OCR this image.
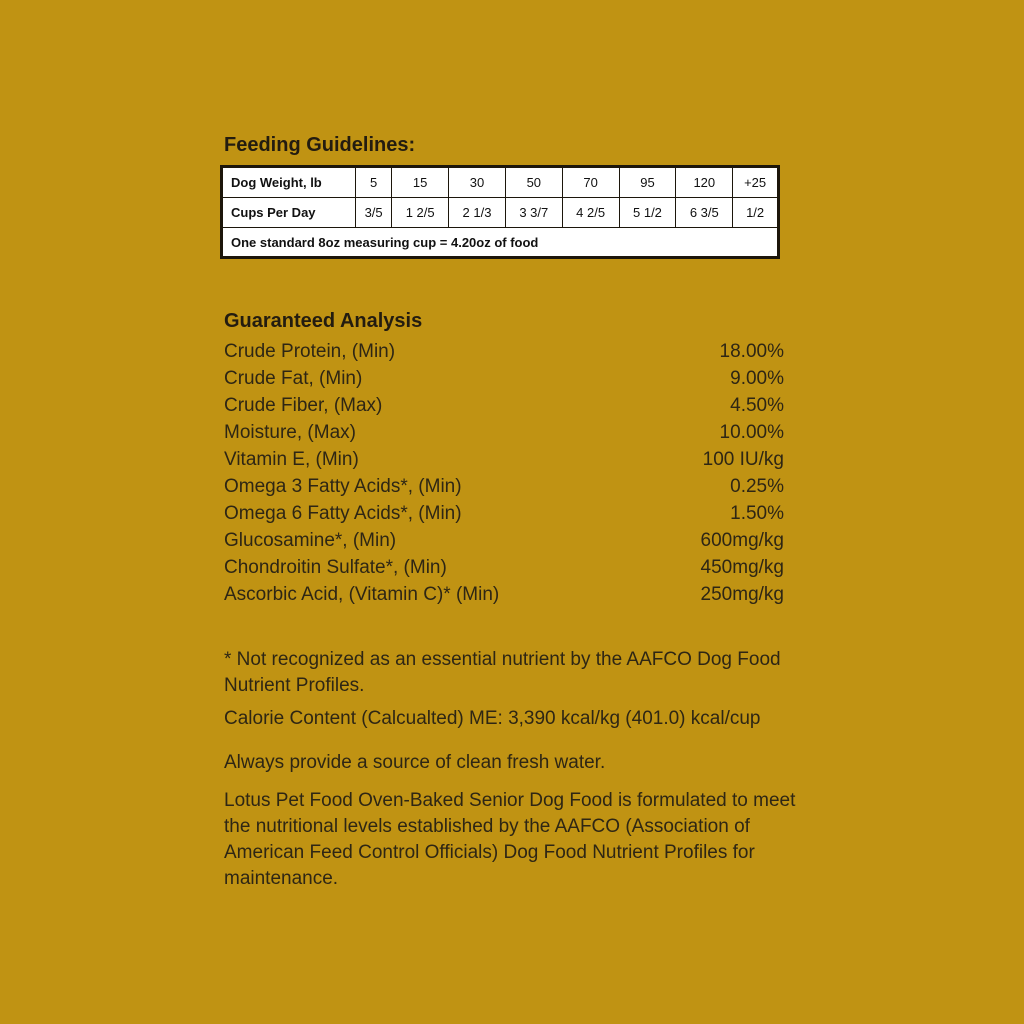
Feeding Guidelines:
Dog Weight, lb	5	15	30	50	70	95	120	+25
Cups Per Day	3/5	1 2/5	2 1/3	3 3/7	4 2/5	5 1/2	6 3/5	1/2
One standard 8oz measuring cup = 4.20oz of food								
Guaranteed Analysis
Crude Protein, (Min)	18.00%
Crude Fat, (Min)	9.00%
Crude Fiber, (Max)	4.50%
Moisture, (Max)	10.00%
Vitamin E, (Min)	100 IU/kg
Omega 3 Fatty Acids*, (Min)	0.25%
Omega 6 Fatty Acids*, (Min)	1.50%
Glucosamine*, (Min)	600mg/kg
Chondroitin Sulfate*, (Min)	450mg/kg
Ascorbic Acid, (Vitamin C)* (Min)	250mg/kg

* Not recognized as an essential nutrient by the AAFCO Dog Food Nutrient Profiles.

Calorie Content (Calcualted) ME: 3,390 kcal/kg (401.0) kcal/cup

Always provide a source of clean fresh water.

Lotus Pet Food Oven-Baked Senior Dog Food is formulated to meet the nutritional levels established by the AAFCO (Association of American Feed Control Officials) Dog Food Nutrient Profiles for maintenance.
